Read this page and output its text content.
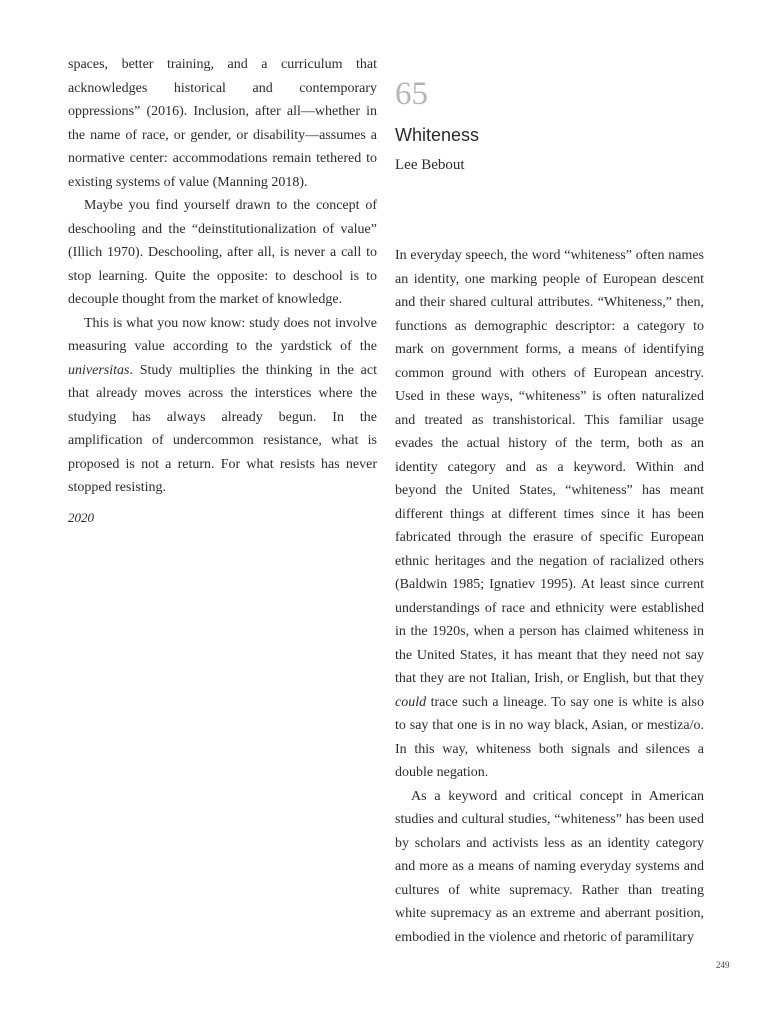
spaces, better training, and a curriculum that acknowledges historical and contemporary oppressions” (2016). Inclusion, after all—whether in the name of race, or gender, or disability—assumes a normative center: accommodations remain tethered to existing systems of value (Manning 2018).

Maybe you find yourself drawn to the concept of deschooling and the “deinstitutionalization of value” (Illich 1970). Deschooling, after all, is never a call to stop learning. Quite the opposite: to deschool is to decouple thought from the market of knowledge.

This is what you now know: study does not involve measuring value according to the yardstick of the universitas. Study multiplies the thinking in the act that already moves across the interstices where the studying has always already begun. In the amplification of undercommon resistance, what is proposed is not a return. For what resists has never stopped resisting.

2020
65
Whiteness
Lee Bebout

In everyday speech, the word “whiteness” often names an identity, one marking people of European descent and their shared cultural attributes. “Whiteness,” then, functions as demographic descriptor: a category to mark on government forms, a means of identifying common ground with others of European ancestry. Used in these ways, “whiteness” is often naturalized and treated as transhistorical. This familiar usage evades the actual history of the term, both as an identity category and as a keyword. Within and beyond the United States, “whiteness” has meant different things at different times since it has been fabricated through the erasure of specific European ethnic heritages and the negation of racialized others (Baldwin 1985; Ignatiev 1995). At least since current understandings of race and ethnicity were established in the 1920s, when a person has claimed whiteness in the United States, it has meant that they need not say that they are not Italian, Irish, or English, but that they could trace such a lineage. To say one is white is also to say that one is in no way black, Asian, or mestiza/o. In this way, whiteness both signals and silences a double negation.

As a keyword and critical concept in American studies and cultural studies, “whiteness” has been used by scholars and activists less as an identity category and more as a means of naming everyday systems and cultures of white supremacy. Rather than treating white supremacy as an extreme and aberrant position, embodied in the violence and rhetoric of paramilitary

249
